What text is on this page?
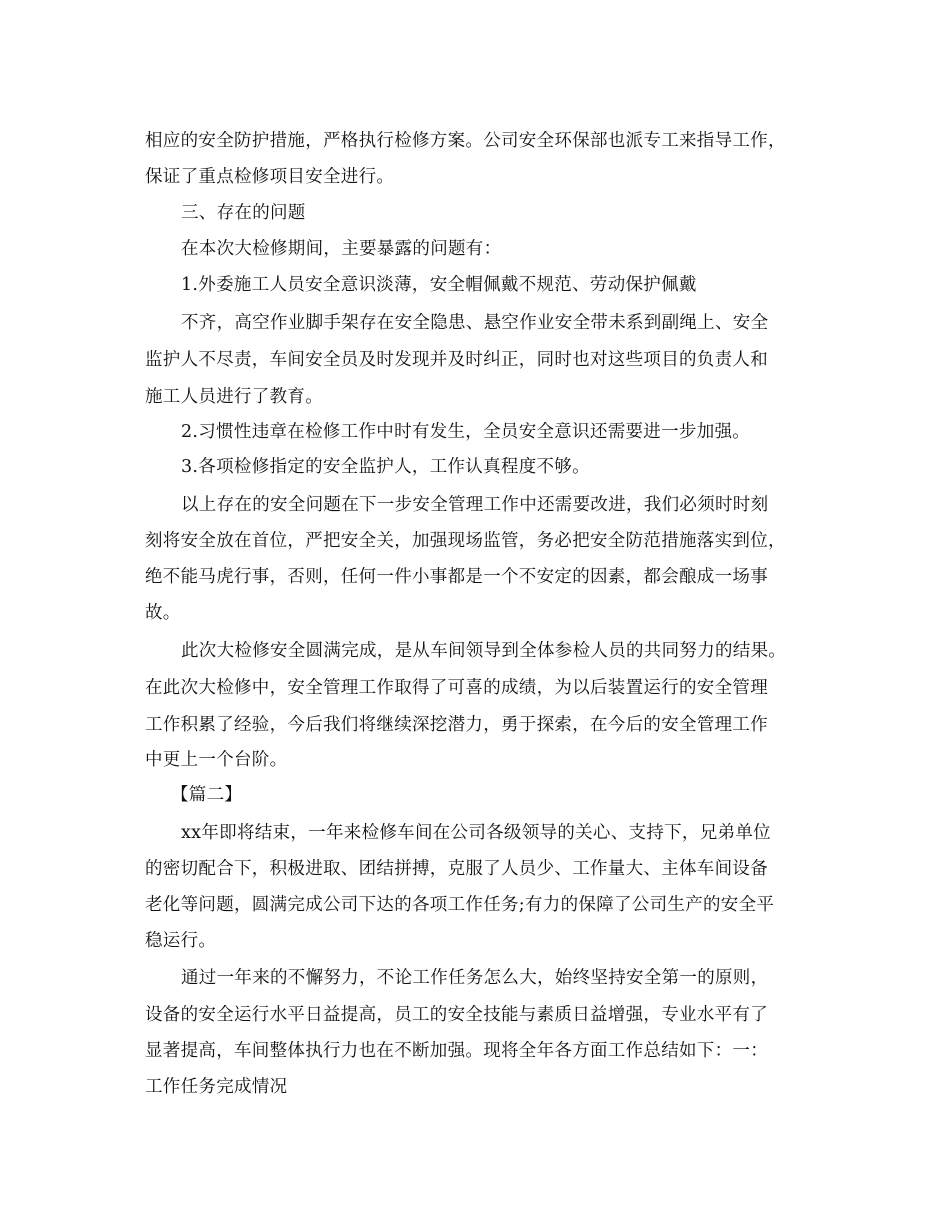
相应的安全防护措施，严格执行检修方案。公司安全环保部也派专工来指导工作，
保证了重点检修项目安全进行。
三、存在的问题
在本次大检修期间，主要暴露的问题有：
1.外委施工人员安全意识淡薄，安全帽佩戴不规范、劳动保护佩戴
不齐，高空作业脚手架存在安全隐患、悬空作业安全带未系到副绳上、安全
监护人不尽责，车间安全员及时发现并及时纠正，同时也对这些项目的负责人和
施工人员进行了教育。
2.习惯性违章在检修工作中时有发生，全员安全意识还需要进一步加强。
3.各项检修指定的安全监护人，工作认真程度不够。
以上存在的安全问题在下一步安全管理工作中还需要改进，我们必须时时刻
刻将安全放在首位，严把安全关，加强现场监管，务必把安全防范措施落实到位，
绝不能马虎行事，否则，任何一件小事都是一个不安定的因素，都会酿成一场事
故。
此次大检修安全圆满完成，是从车间领导到全体参检人员的共同努力的结果。
在此次大检修中，安全管理工作取得了可喜的成绩，为以后装置运行的安全管理
工作积累了经验，今后我们将继续深挖潜力，勇于探索，在今后的安全管理工作
中更上一个台阶。
【篇二】
xx年即将结束，一年来检修车间在公司各级领导的关心、支持下，兄弟单位
的密切配合下，积极进取、团结拼搏，克服了人员少、工作量大、主体车间设备
老化等问题，圆满完成公司下达的各项工作任务;有力的保障了公司生产的安全平
稳运行。
通过一年来的不懈努力，不论工作任务怎么大，始终坚持安全第一的原则，
设备的安全运行水平日益提高，员工的安全技能与素质日益增强，专业水平有了
显著提高，车间整体执行力也在不断加强。现将全年各方面工作总结如下：一：
工作任务完成情况
